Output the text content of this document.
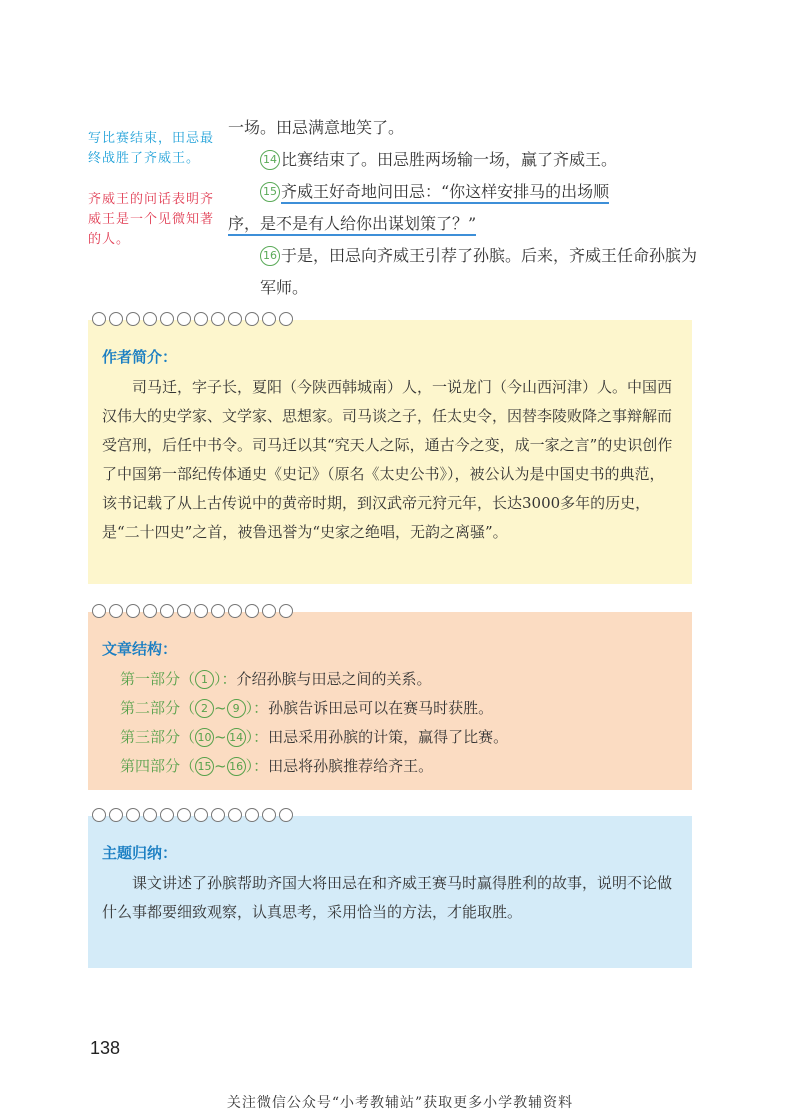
写比赛结束，田忌最终战胜了齐威王。
齐威王的问话表明齐威王是一个见微知著的人。

一场。田忌满意地笑了。

14 比赛结束了。田忌胜两场输一场，赢了齐威王。

15 齐威王好奇地问田忌：“你这样安排马的出场顺

序，是不是有人给你出谋划策了？”

16 于是，田忌向齐威王引荐了孙膑。后来，齐威王任命孙膑为军师。

作者简介：

司马迁，字子长，夏阳（今陕西韩城南）人，一说龙门（今山西河津）人。中国西汉伟大的史学家、文学家、思想家。司马谈之子，任太史令，因替李陵败降之事辩解而受宫刑，后任中书令。司马迁以其“究天人之际，通古今之变，成一家之言”的史识创作了中国第一部纪传体通史《史记》（原名《太史公书》），被公认为是中国史书的典范，该书记载了从上古传说中的黄帝时期，到汉武帝元狩元年，长达3000多年的历史，是“二十四史”之首，被鲁迅誉为“史家之绝唱，无韵之离骚”。

文章结构：

第一部分（ 1 ）：介绍孙膑与田忌之间的关系。

第二部分（ 2 ~ 9 ）：孙膑告诉田忌可以在赛马时获胜。

第三部分（ 10 ~ 14 ）：田忌采用孙膑的计策，赢得了比赛。

第四部分（ 15 ~ 16 ）：田忌将孙膑推荐给齐王。

主题归纳：

课文讲述了孙膑帮助齐国大将田忌在和齐威王赛马时赢得胜利的故事，说明不论做什么事都要细致观察，认真思考，采用恰当的方法，才能取胜。

138
关注微信公众号“小考教辅站”获取更多小学教辅资料
